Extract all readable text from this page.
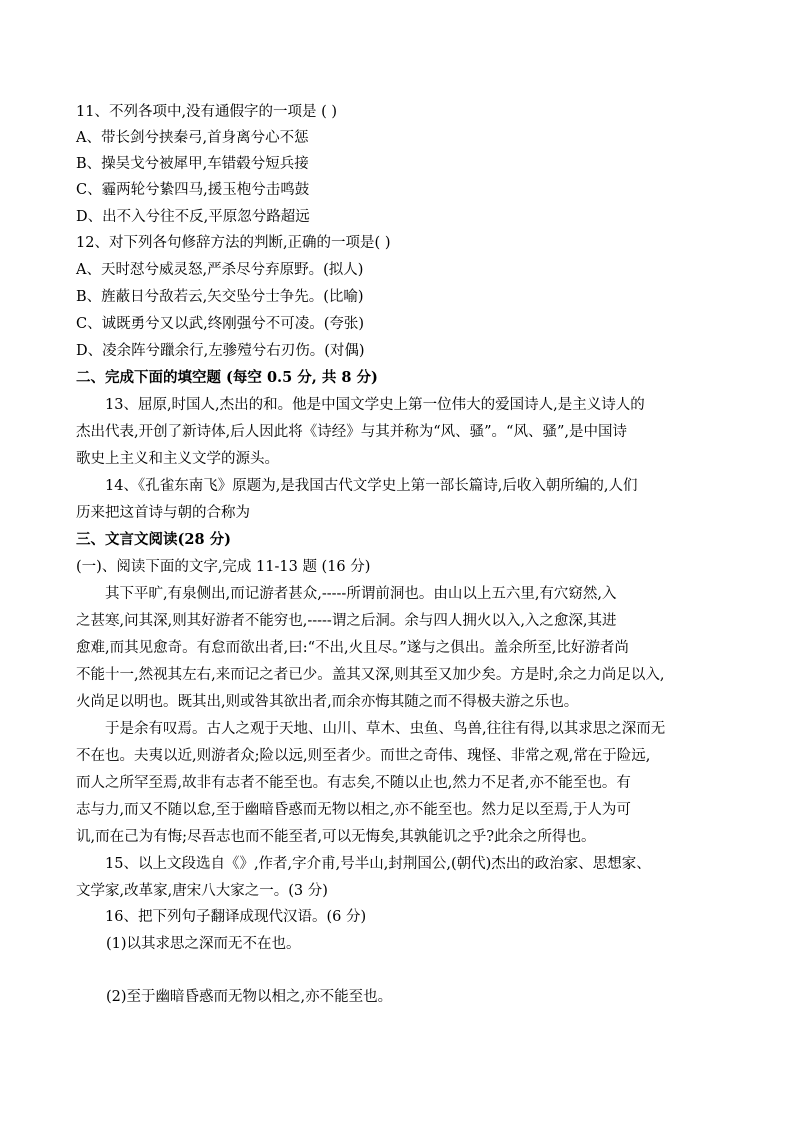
11、不列各项中,没有通假字的一项是 ( )
A、带长剑兮挟秦弓,首身离兮心不惩
B、操吴戈兮被犀甲,车错毂兮短兵接
C、霾两轮兮絷四马,援玉枹兮击鸣鼓
D、出不入兮往不反,平原忽兮路超远
12、对下列各句修辞方法的判断,正确的一项是( )
A、天时怼兮威灵怒,严杀尽兮弃原野。(拟人)
B、旌蔽日兮敌若云,矢交坠兮士争先。(比喻)
C、诚既勇兮又以武,终刚强兮不可凌。(夸张)
D、凌余阵兮躐余行,左骖殪兮右刃伤。(对偶)
二、完成下面的填空题 (每空 0.5 分, 共 8 分)
13、屈原,时国人,杰出的和。他是中国文学史上第一位伟大的爱国诗人,是主义诗人的
杰出代表,开创了新诗体,后人因此将《诗经》与其并称为“风、骚”。“风、骚”,是中国诗
歌史上主义和主义文学的源头。
14、《孔雀东南飞》原题为,是我国古代文学史上第一部长篇诗,后收入朝所编的,人们
历来把这首诗与朝的合称为
三、文言文阅读(28 分)
(一)、阅读下面的文字,完成 11-13 题 (16 分)
其下平旷,有泉侧出,而记游者甚众,-----所谓前洞也。由山以上五六里,有穴窈然,入
之甚寒,问其深,则其好游者不能穷也,-----谓之后洞。余与四人拥火以入,入之愈深,其进
愈难,而其见愈奇。有怠而欲出者,曰:“不出,火且尽。”遂与之俱出。盖余所至,比好游者尚
不能十一,然视其左右,来而记之者已少。盖其又深,则其至又加少矣。方是时,余之力尚足以入,
火尚足以明也。既其出,则或咎其欲出者,而余亦悔其随之而不得极夫游之乐也。
于是余有叹焉。古人之观于天地、山川、草木、虫鱼、鸟兽,往往有得,以其求思之深而无
不在也。夫夷以近,则游者众;险以远,则至者少。而世之奇伟、瑰怪、非常之观,常在于险远,
而人之所罕至焉,故非有志者不能至也。有志矣,不随以止也,然力不足者,亦不能至也。有
志与力,而又不随以怠,至于幽暗昏惑而无物以相之,亦不能至也。然力足以至焉,于人为可
讥,而在己为有悔;尽吾志也而不能至者,可以无悔矣,其孰能讥之乎?此余之所得也。
15、以上文段选自《》,作者,字介甫,号半山,封荆国公,(朝代)杰出的政治家、思想家、
文学家,改革家,唐宋八大家之一。(3 分)
16、把下列句子翻译成现代汉语。(6 分)
(1)以其求思之深而无不在也。
(2)至于幽暗昏惑而无物以相之,亦不能至也。
